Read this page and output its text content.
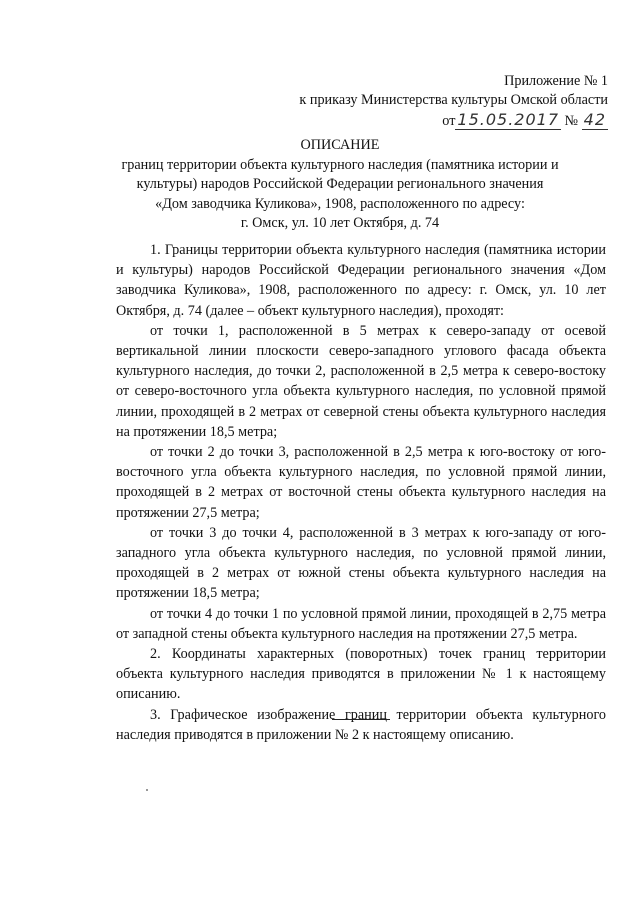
Приложение № 1
к приказу Министерства культуры Омской области
от 15.05.2017 № 42
ОПИСАНИЕ
границ территории объекта культурного наследия (памятника истории и
культуры) народов Российской Федерации регионального значения
«Дом заводчика Куликова», 1908, расположенного по адресу:
г. Омск, ул. 10 лет Октября, д. 74

1. Границы территории объекта культурного наследия (памятника истории и культуры) народов Российской Федерации регионального значения «Дом заводчика Куликова», 1908, расположенного по адресу: г. Омск, ул. 10 лет Октября, д. 74 (далее – объект культурного наследия), проходят:

от точки 1, расположенной в 5 метрах к северо-западу от осевой вертикальной линии плоскости северо-западного углового фасада объекта культурного наследия, до точки 2, расположенной в 2,5 метра к северо-востоку от северо-восточного угла объекта культурного наследия, по условной прямой линии, проходящей в 2 метрах от северной стены объекта культурного наследия на протяжении 18,5 метра;

от точки 2 до точки 3, расположенной в 2,5 метра к юго-востоку от юго-восточного угла объекта культурного наследия, по условной прямой линии, проходящей в 2 метрах от восточной стены объекта культурного наследия на протяжении 27,5 метра;

от точки 3 до точки 4, расположенной в 3 метрах к юго-западу от юго-западного угла объекта культурного наследия, по условной прямой линии, проходящей в 2 метрах от южной стены объекта культурного наследия на протяжении 18,5 метра;

от точки 4 до точки 1 по условной прямой линии, проходящей в 2,75 метра от западной стены объекта культурного наследия на протяжении 27,5 метра.

2. Координаты характерных (поворотных) точек границ территории объекта культурного наследия приводятся в приложении № 1 к настоящему описанию.

3. Графическое изображение границ территории объекта культурного наследия приводятся в приложении № 2 к настоящему описанию.
